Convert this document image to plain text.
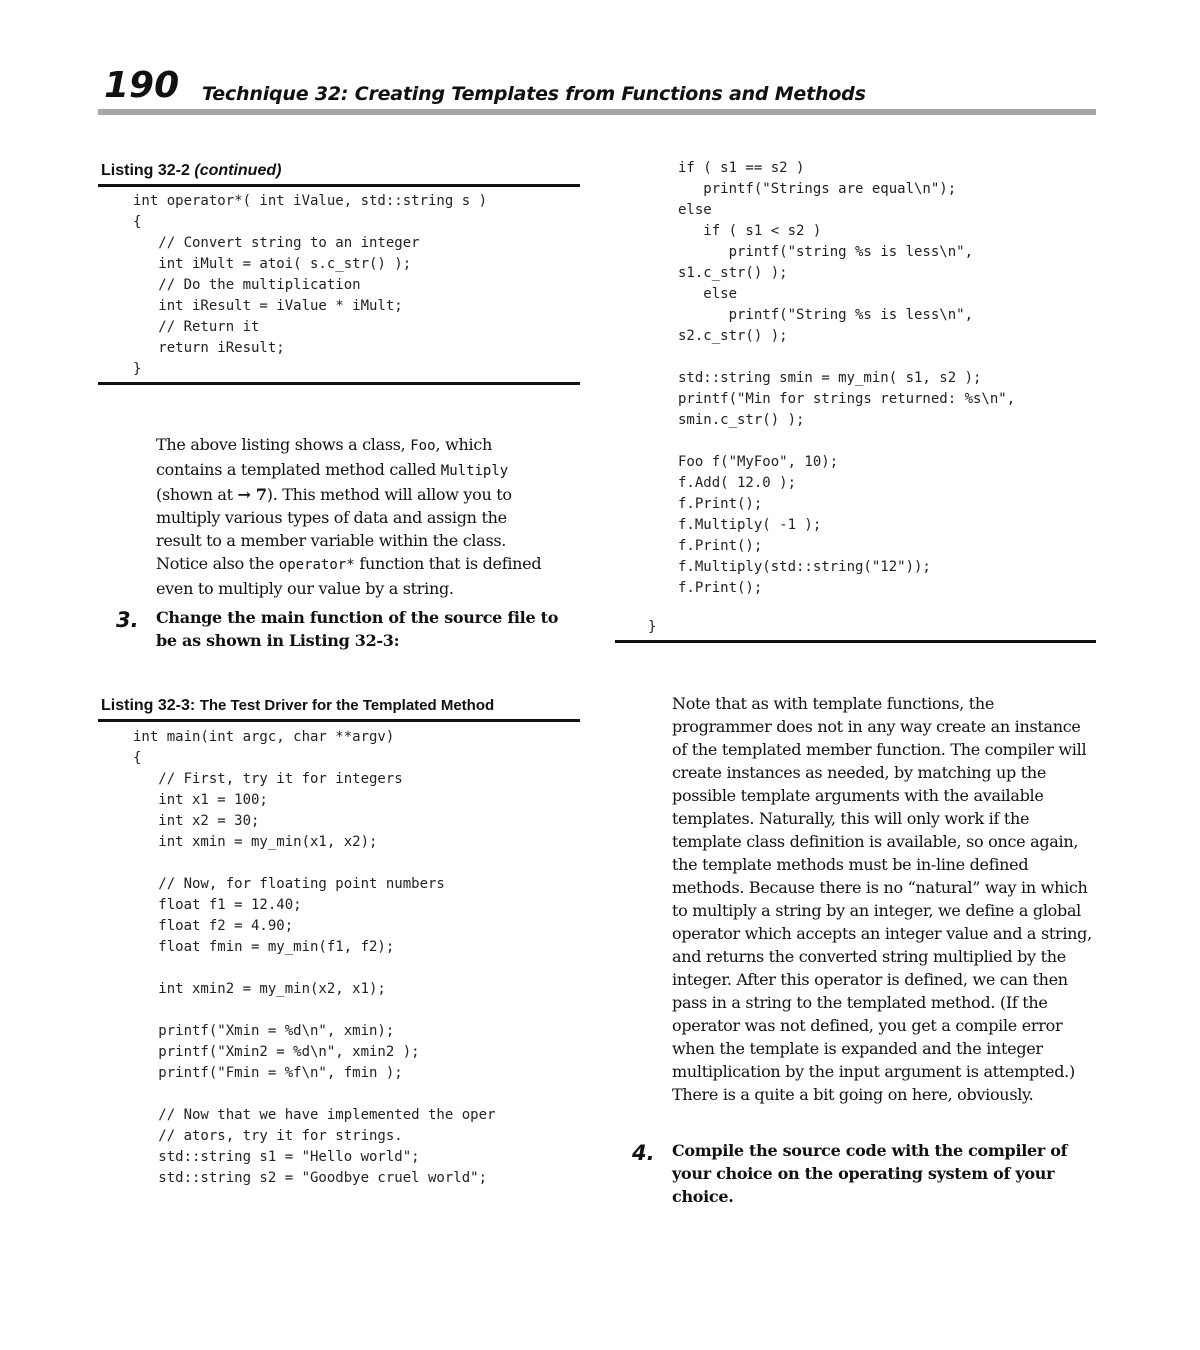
190 Technique 32: Creating Templates from Functions and Methods
Listing 32-2 (continued)
int operator*( int iValue, std::string s )
{
// Convert string to an integer
int iMult = atoi( s.c_str() );
// Do the multiplication
int iResult = iValue * iMult;
// Return it
return iResult;
}

The above listing shows a class, Foo, which contains a templated method called Multiply (shown at → 7). This method will allow you to multiply various types of data and assign the result to a member variable within the class. Notice also the operator* function that is defined even to multiply our value by a string.

3. Change the main function of the source file to be as shown in Listing 32-3:
Listing 32-3: The Test Driver for the Templated Method
int main(int argc, char **argv)
{
// First, try it for integers
int x1 = 100;
int x2 = 30;
int xmin = my_min(x1, x2);
// Now, for floating point numbers
float f1 = 12.40;
float f2 = 4.90;
float fmin = my_min(f1, f2);
int xmin2 = my_min(x2, x1);
printf("Xmin = %d\n", xmin);
printf("Xmin2 = %d\n", xmin2 );
printf("Fmin = %f\n", fmin );
// Now that we have implemented the oper
// ators, try it for strings.
std::string s1 = "Hello world";
std::string s2 = "Goodbye cruel world";
if ( s1 == s2 )
printf("Strings are equal\n");
else
if ( s1 < s2 )
printf("string %s is less\n",
s1.c_str() );
else
printf("String %s is less\n",
s2.c_str() );
std::string smin = my_min( s1, s2 );
printf("Min for strings returned: %s\n",
smin.c_str() );
Foo f("MyFoo", 10);
f.Add( 12.0 );
f.Print();
f.Multiply( -1 );
f.Print();
f.Multiply(std::string("12"));
f.Print();
}

Note that as with template functions, the programmer does not in any way create an instance of the templated member function. The compiler will create instances as needed, by matching up the possible template arguments with the available templates. Naturally, this will only work if the template class definition is available, so once again, the template methods must be in-line defined methods. Because there is no “natural” way in which to multiply a string by an integer, we define a global operator which accepts an integer value and a string, and returns the converted string multiplied by the integer. After this operator is defined, we can then pass in a string to the templated method. (If the operator was not defined, you get a compile error when the template is expanded and the integer multiplication by the input argument is attempted.) There is a quite a bit going on here, obviously.

4. Compile the source code with the compiler of your choice on the operating system of your choice.
